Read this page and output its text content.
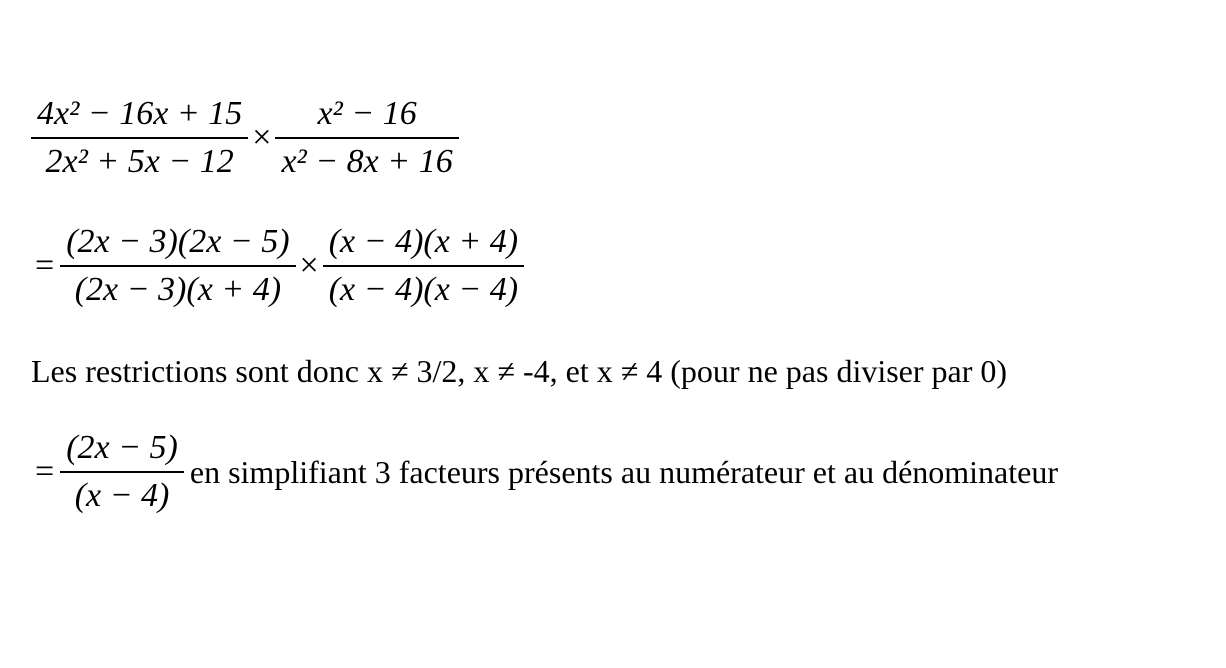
$\frac{\text{4x² − 16x + 15}}{\text{2x² + 5x − 12}} \times \frac{\text{x² − 16}}{\text{x² − 8x + 16}}$
= $\frac{(2x - 3)(2x - 5)}{(2x - 3)(x + 4)} \times \frac{(x - 4)(x + 4)}{(x - 4)(x - 4)}$
Les restrictions sont donc x ≠ 3/2, x ≠ -4, et x ≠ 4 (pour ne pas diviser par 0)
= $\frac{(2x - 5)}{(x - 4)}$ en simplifiant 3 facteurs présents au numérateur et au dénominateur
